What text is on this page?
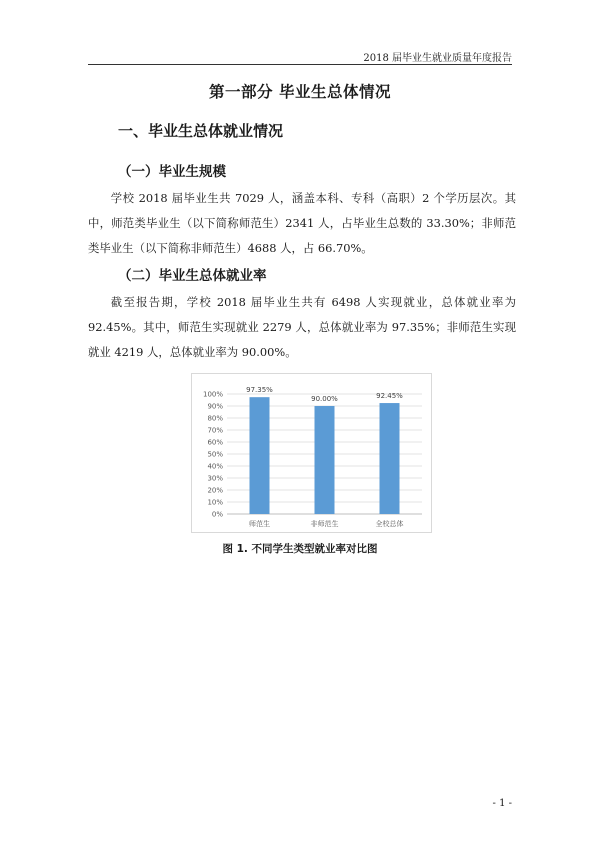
2018 届毕业生就业质量年度报告
第一部分 毕业生总体情况
一、毕业生总体就业情况
（一）毕业生规模

学校 2018 届毕业生共 7029 人，涵盖本科、专科（高职）2 个学历层次。其中，师范类毕业生（以下简称师范生）2341 人，占毕业生总数的 33.30%；非师范类毕业生（以下简称非师范生）4688 人，占 66.70%。

（二）毕业生总体就业率

截至报告期，学校 2018 届毕业生共有 6498 人实现就业，总体就业率为 92.45%。其中，师范生实现就业 2279 人，总体就业率为 97.35%；非师范生实现就业 4219 人，总体就业率为 90.00%。

0%
10%
20%
30%
40%
50%
60%
70%
80%
90%
100%
97.35%
师范生
90.00%
非师范生
92.45%
全校总体
图 1. 不同学生类型就业率对比图
- 1 -
